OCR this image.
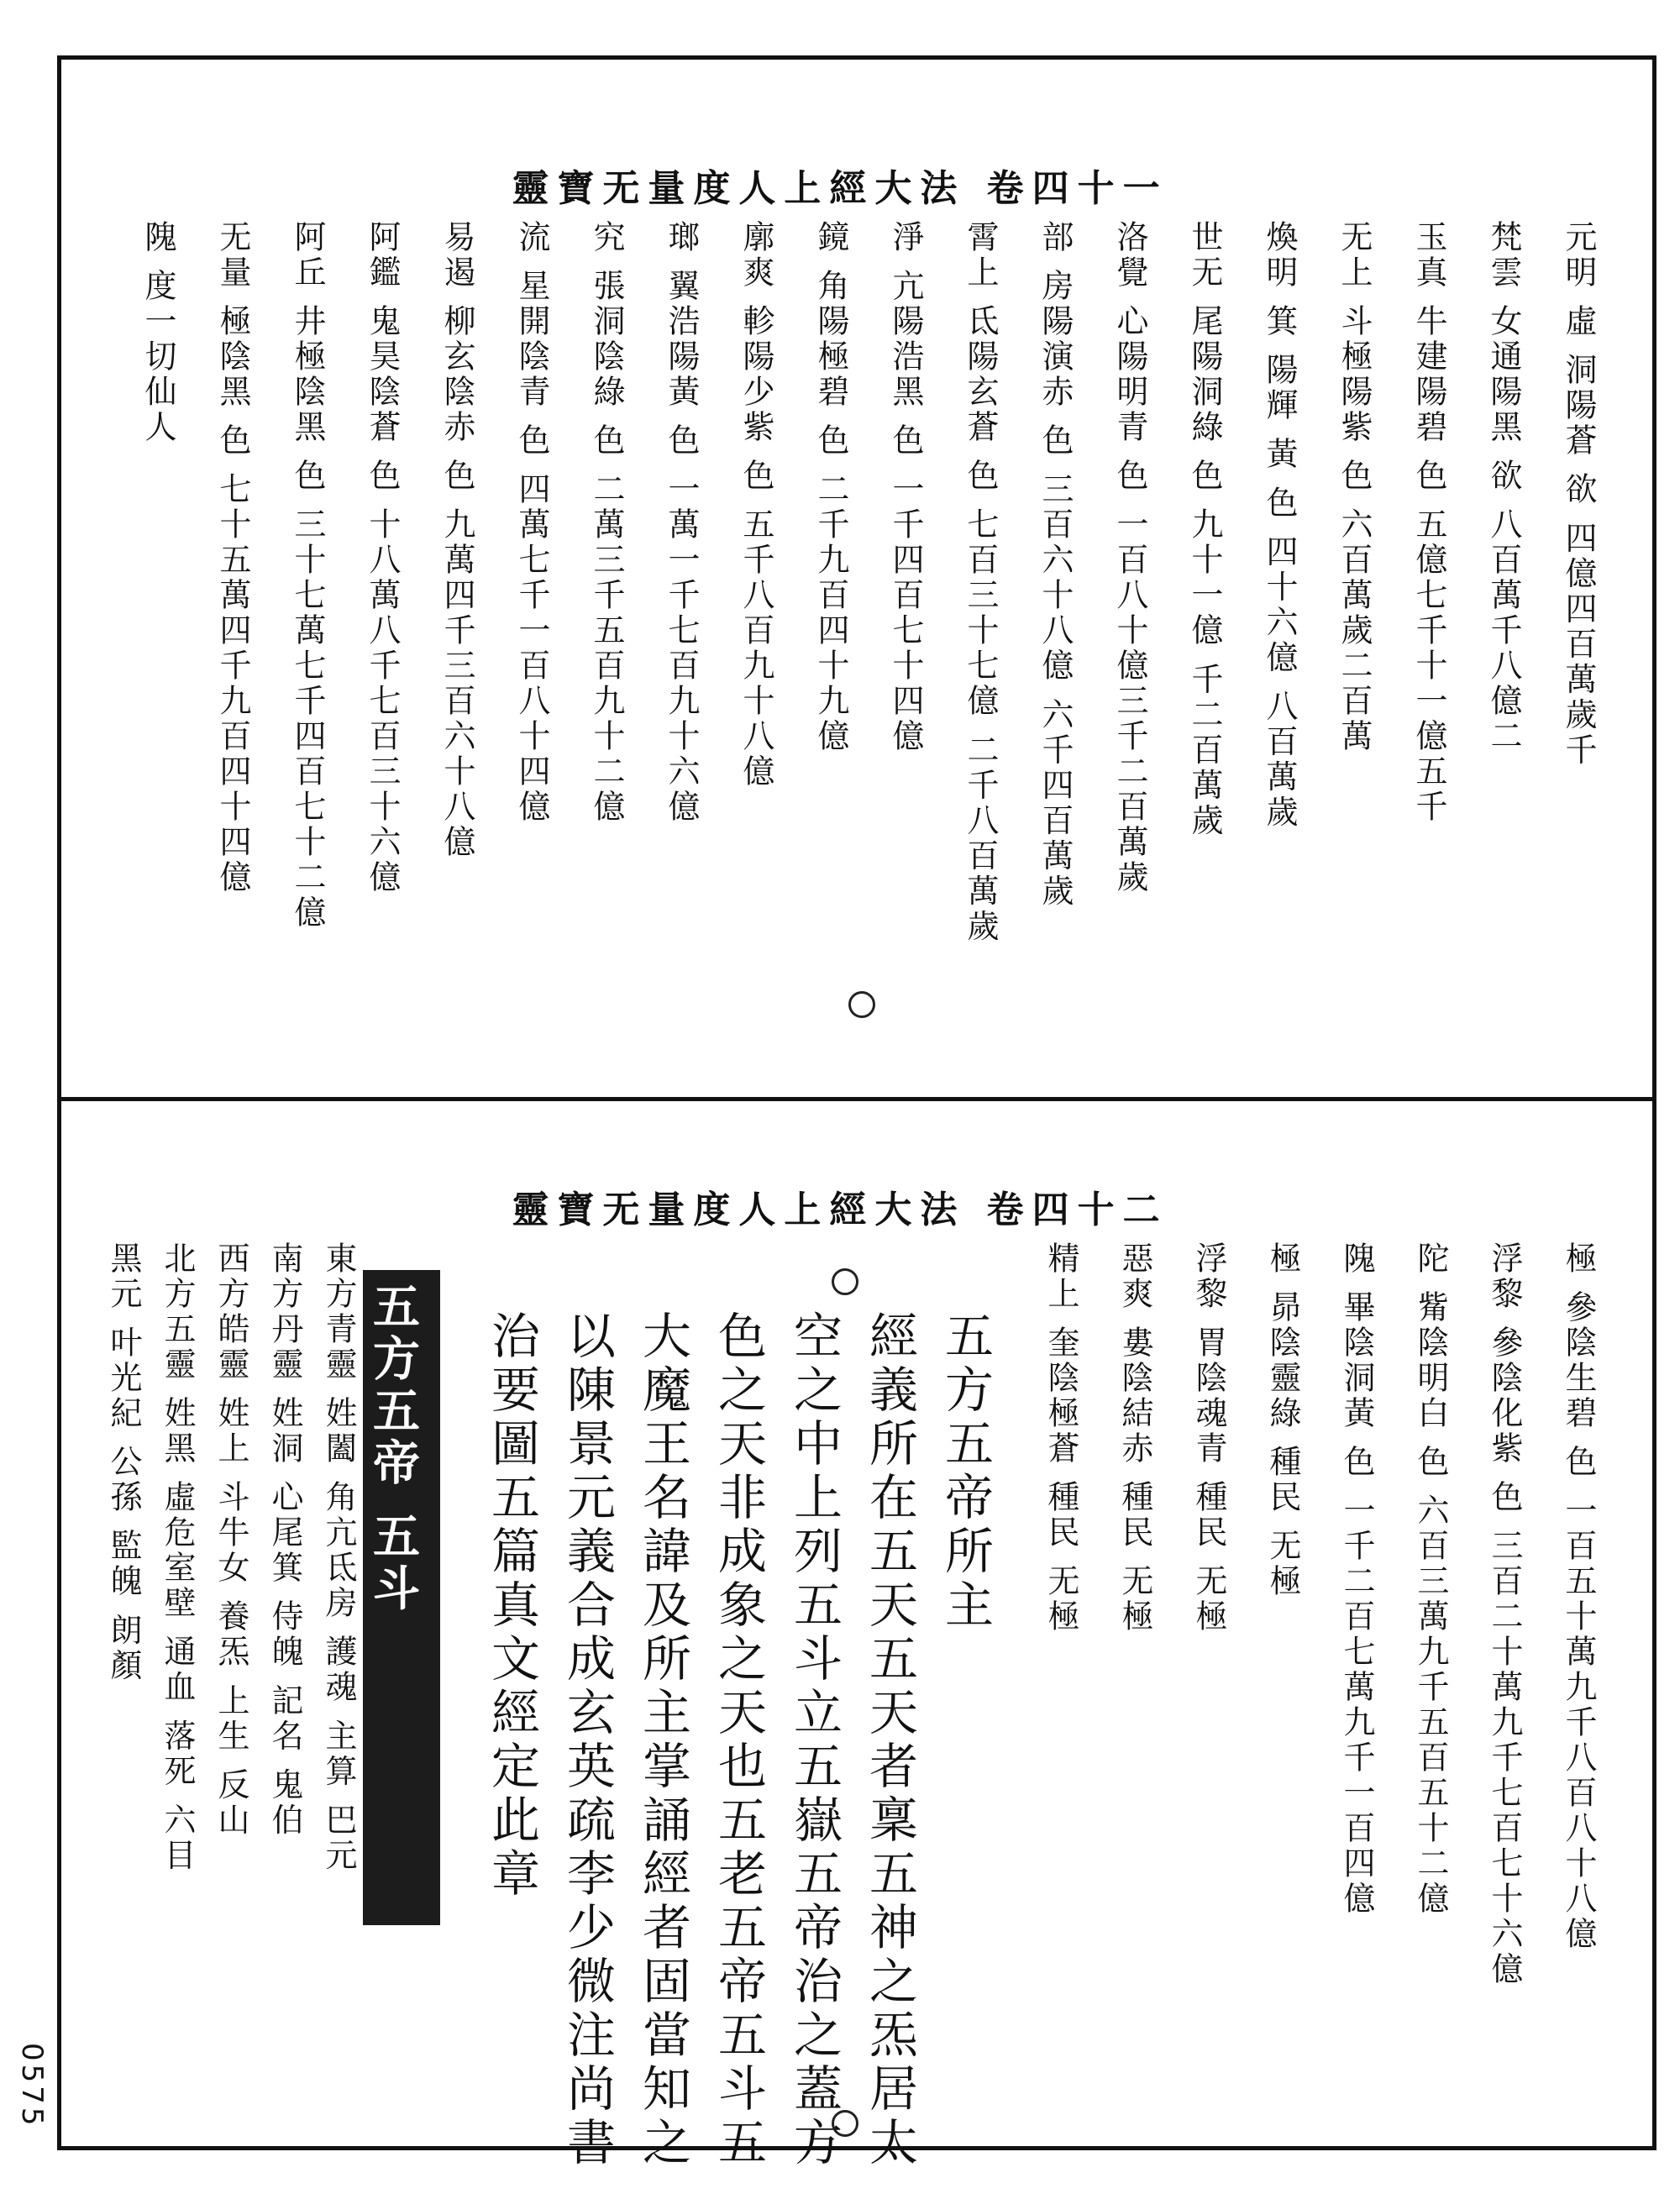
靈寶无量度人上經大法 卷四十一
元明 虛 洞陽蒼 欲 四億四百萬歲千
梵雲 女通陽黑 欲 八百萬千八億二
玉真 牛建陽碧 色 五億七千十一億五千
无上 斗極陽紫 色 六百萬歲二百萬
煥明 箕 陽輝 黃 色 四十六億 八百萬歲
世无 尾陽洞綠 色 九十一億 千二百萬歲
洛覺 心陽明青 色 一百八十億三千二百萬歲
部 房陽演赤 色 三百六十八億 六千四百萬歲
霄上 氐陽玄蒼 色 七百三十七億 二千八百萬歲
淨 亢陽浩黑 色 一千四百七十四億
鏡 角陽極碧 色 二千九百四十九億
廓爽 軫陽少紫 色 五千八百九十八億
瑯 翼浩陽黃 色 一萬一千七百九十六億
究 張洞陰綠 色 二萬三千五百九十二億
流 星開陰青 色 四萬七千一百八十四億
易遏 柳玄陰赤 色 九萬四千三百六十八億
阿鑑 鬼昊陰蒼 色 十八萬八千七百三十六億
阿丘 井極陰黑 色 三十七萬七千四百七十二億
无量 極陰黑 色 七十五萬四千九百四十四億
隗 度一切仙人
靈寶无量度人上經大法 卷四十二
極 參陰生碧 色 一百五十萬九千八百八十八億
浮黎 參陰化紫 色 三百二十萬九千七百七十六億
陀 觜陰明白 色 六百三萬九千五百五十二億
隗 畢陰洞黃 色 一千二百七萬九千一百四億
極 昴陰靈綠 種民 无極
浮黎 胃陰魂青 種民 无極
惡爽 婁陰結赤 種民 无極
精上 奎陰極蒼 種民 无極
五方五帝所主
經義所在五天五天者稟五神之炁居太
空之中上列五斗立五嶽五帝治之蓋方
色之天非成象之天也五老五帝五斗五
大魔王名諱及所主掌誦經者固當知之
以陳景元義合成玄英疏李少微注尚書
治要圖五篇真文經定此章
五方五帝 五斗
東方青靈 姓闔 角亢氐房 護魂 主算 巴元
南方丹靈 姓洞 心尾箕 侍魄 記名 鬼伯
西方皓靈 姓上 斗牛女 養炁 上生 反山
北方五靈 姓黑 虛危室壁 通血 落死 六目
黑元 叶光紀 公孫 監魄 朗顏
0575
